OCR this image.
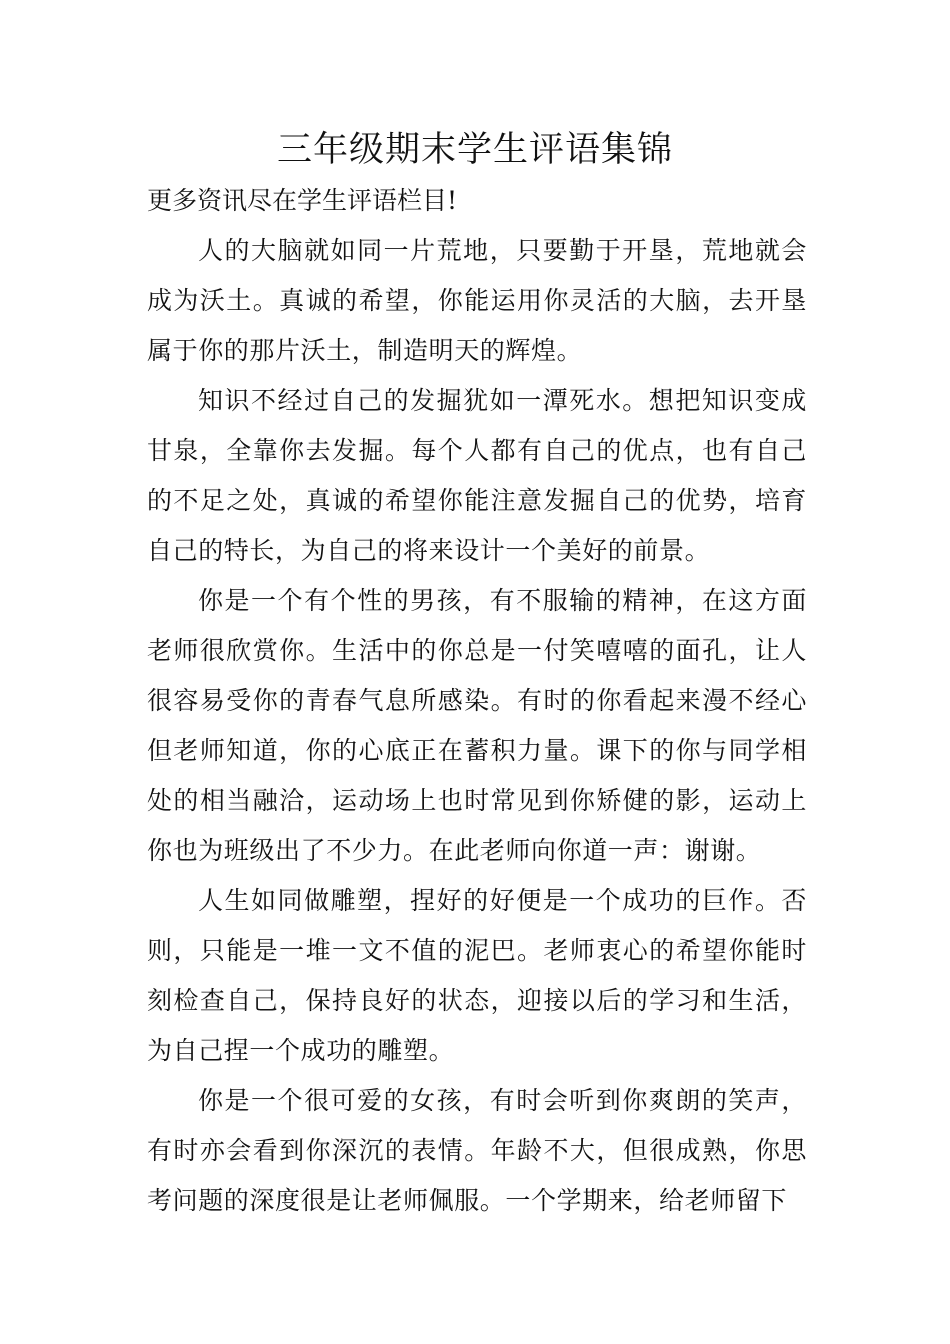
三年级期末学生评语集锦

更多资讯尽在学生评语栏目!

人的大脑就如同一片荒地，只要勤于开垦，荒地就会成为沃土。真诚的希望，你能运用你灵活的大脑，去开垦属于你的那片沃土，制造明天的辉煌。

知识不经过自己的发掘犹如一潭死水。想把知识变成甘泉，全靠你去发掘。每个人都有自己的优点，也有自己的不足之处，真诚的希望你能注意发掘自己的优势，培育自己的特长，为自己的将来设计一个美好的前景。

你是一个有个性的男孩，有不服输的精神，在这方面老师很欣赏你。生活中的你总是一付笑嘻嘻的面孔，让人很容易受你的青春气息所感染。有时的你看起来漫不经心但老师知道，你的心底正在蓄积力量。课下的你与同学相处的相当融洽，运动场上也时常见到你矫健的影，运动上你也为班级出了不少力。在此老师向你道一声：谢谢。

人生如同做雕塑，捏好的好便是一个成功的巨作。否则，只能是一堆一文不值的泥巴。老师衷心的希望你能时刻检查自己，保持良好的状态，迎接以后的学习和生活，为自己捏一个成功的雕塑。

你是一个很可爱的女孩，有时会听到你爽朗的笑声，有时亦会看到你深沉的表情。年龄不大，但很成熟，你思考问题的深度很是让老师佩服。一个学期来，给老师留下
